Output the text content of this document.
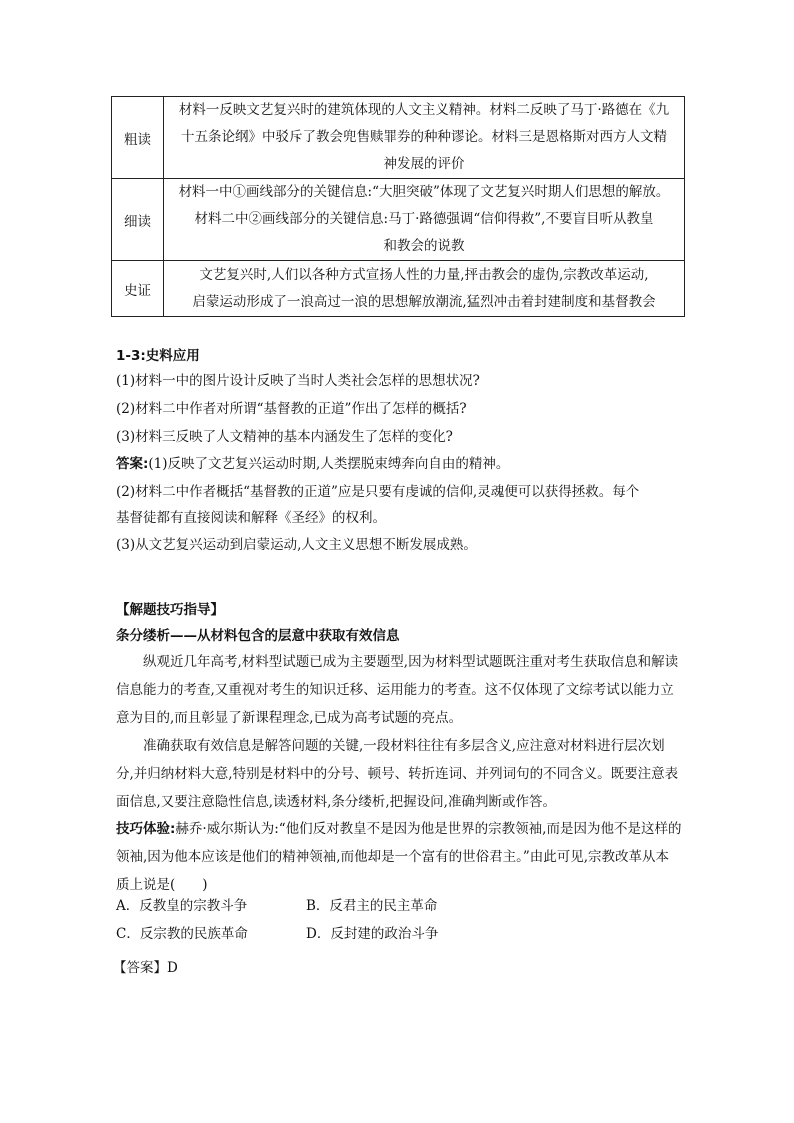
粗读	材料一反映文艺复兴时的建筑体现的人文主义精神。材料二反映了马丁·路德在《九
十五条论纲》中驳斥了教会兜售赎罪券的种种谬论。材料三是恩格斯对西方人文精
神发展的评价

细读	材料一中①画线部分的关键信息:“大胆突破”体现了文艺复兴时期人们思想的解放。
材料二中②画线部分的关键信息:马丁·路德强调“信仰得救”,不要盲目听从教皇
和教会的说教

史证	文艺复兴时,人们以各种方式宣扬人性的力量,抨击教会的虚伪,宗教改革运动,
启蒙运动形成了一浪高过一浪的思想解放潮流,猛烈冲击着封建制度和基督教会
1-3:史料应用
(1)材料一中的图片设计反映了当时人类社会怎样的思想状况?
(2)材料二中作者对所谓“基督教的正道”作出了怎样的概括?
(3)材料三反映了人文精神的基本内涵发生了怎样的变化?
答案:(1)反映了文艺复兴运动时期,人类摆脱束缚奔向自由的精神。
(2)材料二中作者概括“基督教的正道”应是只要有虔诚的信仰,灵魂便可以获得拯救。每个
基督徒都有直接阅读和解释《圣经》的权利。
(3)从文艺复兴运动到启蒙运动,人文主义思想不断发展成熟。
【解题技巧指导】
条分缕析——从材料包含的层意中获取有效信息
纵观近几年高考,材料型试题已成为主要题型,因为材料型试题既注重对考生获取信息和解读信息能力的考查,又重视对考生的知识迁移、运用能力的考查。这不仅体现了文综考试以能力立意为目的,而且彰显了新课程理念,已成为高考试题的亮点。
准确获取有效信息是解答问题的关键,一段材料往往有多层含义,应注意对材料进行层次划分,并归纳材料大意,特别是材料中的分号、顿号、转折连词、并列词句的不同含义。既要注意表面信息,又要注意隐性信息,读透材料,条分缕析,把握设问,准确判断或作答。
技巧体验:赫乔·威尔斯认为:“他们反对教皇不是因为他是世界的宗教领袖,而是因为他不是这样的领袖,因为他本应该是他们的精神领袖,而他却是一个富有的世俗君主。”由此可见,宗教改革从本质上说是(　　)
A．反教皇的宗教斗争	B．反君主的民主革命
C．反宗教的民族革命	D．反封建的政治斗争
【答案】D
